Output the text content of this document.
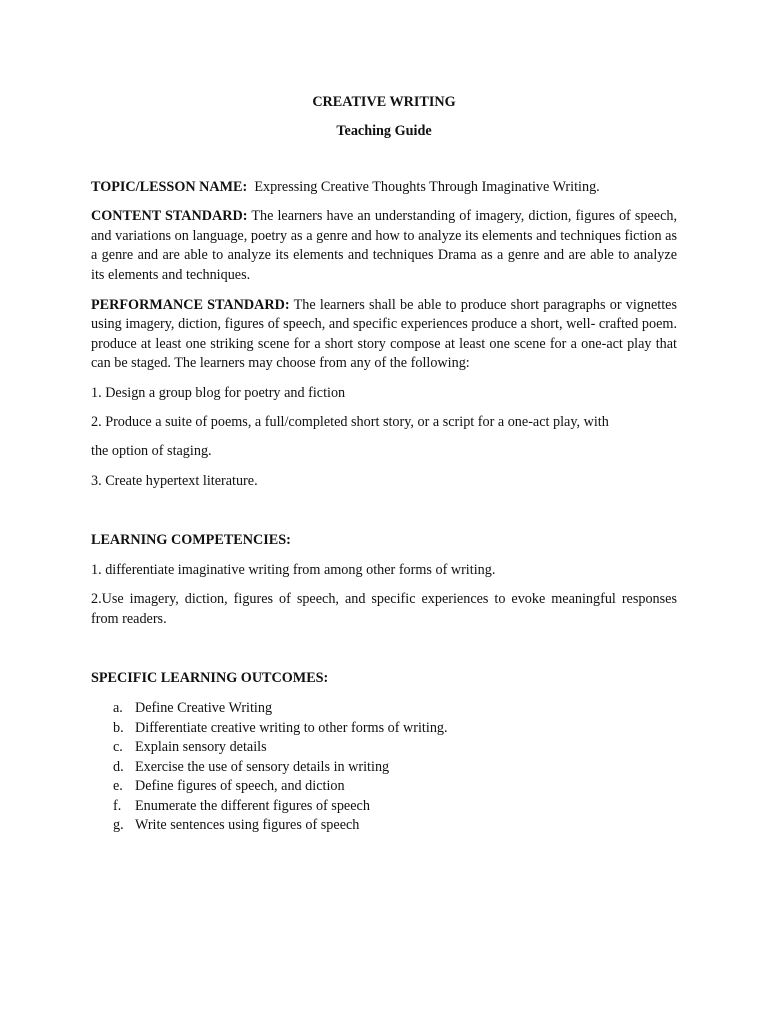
CREATIVE WRITING

Teaching Guide

TOPIC/LESSON NAME: Expressing Creative Thoughts Through Imaginative Writing.

CONTENT STANDARD: The learners have an understanding of imagery, diction, figures of speech, and variations on language, poetry as a genre and how to analyze its elements and techniques fiction as a genre and are able to analyze its elements and techniques Drama as a genre and are able to analyze its elements and techniques.

PERFORMANCE STANDARD: The learners shall be able to produce short paragraphs or vignettes using imagery, diction, figures of speech, and specific experiences produce a short, well- crafted poem. produce at least one striking scene for a short story compose at least one scene for a one-act play that can be staged. The learners may choose from any of the following:

1. Design a group blog for poetry and fiction

2. Produce a suite of poems, a full/completed short story, or a script for a one-act play, with

the option of staging.

3. Create hypertext literature.

LEARNING COMPETENCIES:

1. differentiate imaginative writing from among other forms of writing.

2.Use imagery, diction, figures of speech, and specific experiences to evoke meaningful responses from readers.

SPECIFIC LEARNING OUTCOMES:

a. Define Creative Writing
b. Differentiate creative writing to other forms of writing.
c. Explain sensory details
d. Exercise the use of sensory details in writing
e. Define figures of speech, and diction
f. Enumerate the different figures of speech
g. Write sentences using figures of speech
